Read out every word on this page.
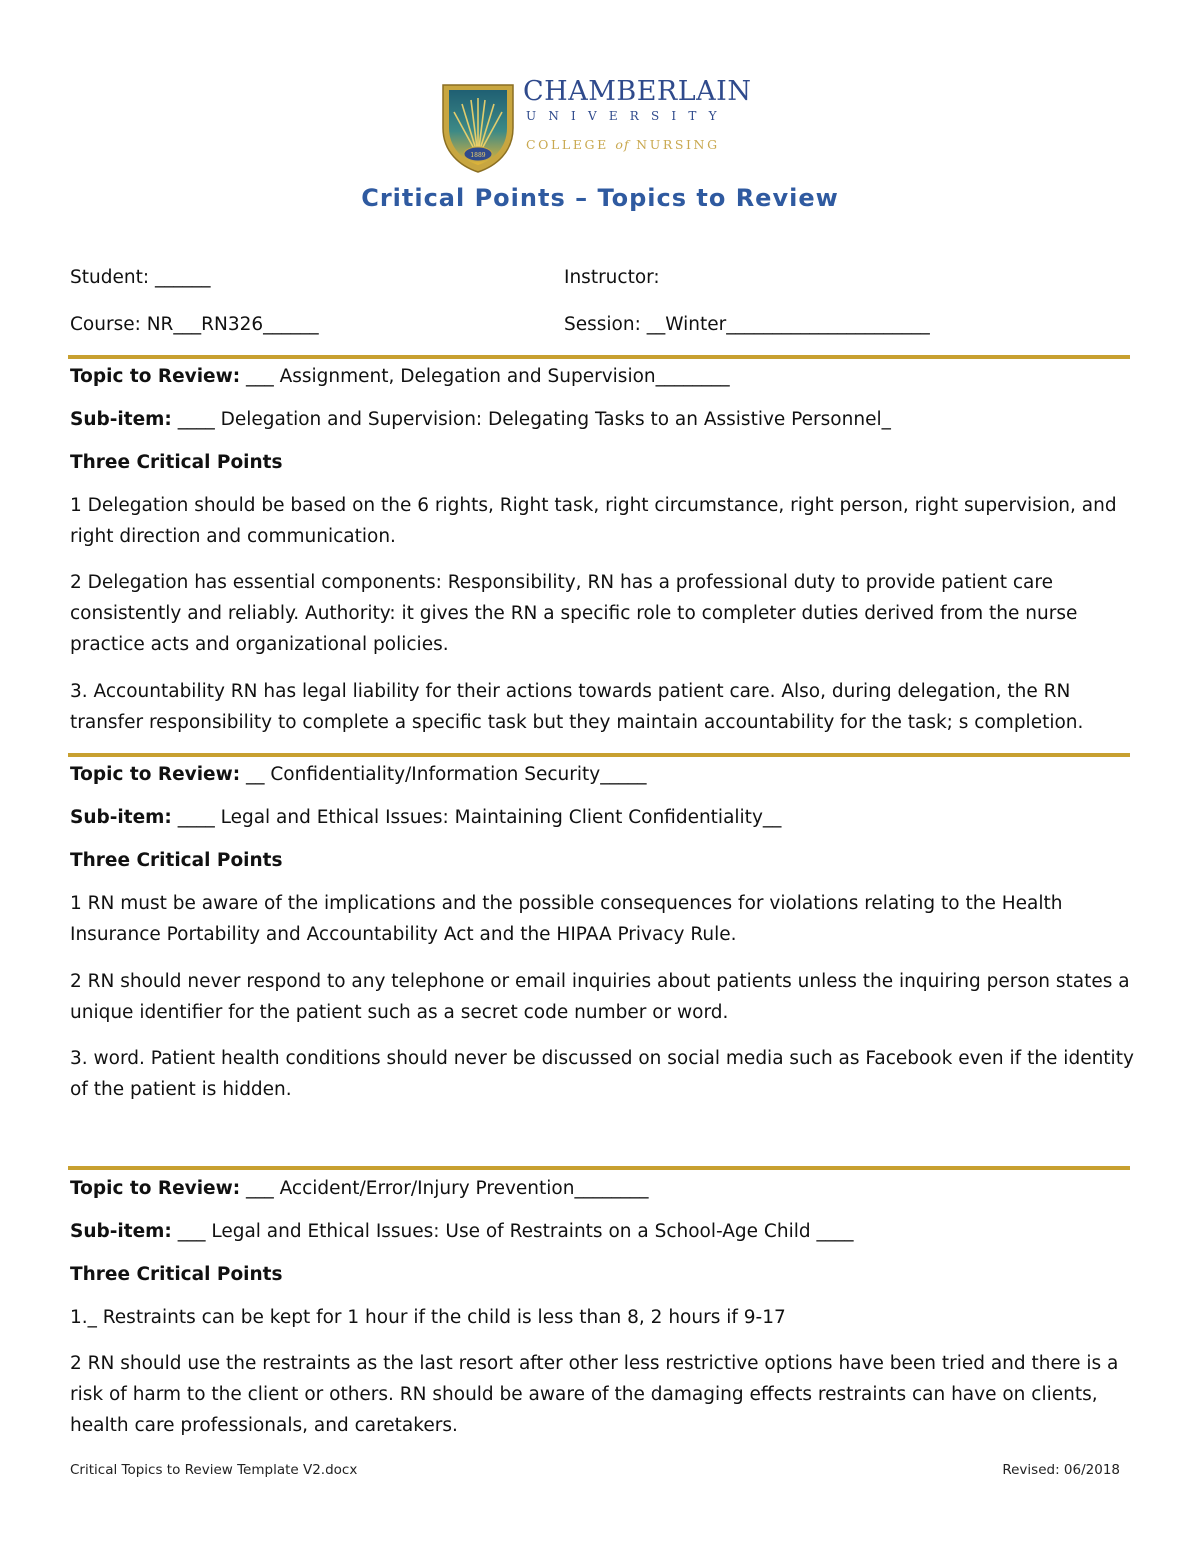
1889
CHAMBERLAIN
UNIVERSITY
COLLEGE of NURSING
Critical Points – Topics to Review
Student: ______	Instructor:
Course: NR___RN326______	Session: __Winter______________________
Topic to Review: ___ Assignment, Delegation and Supervision________
Sub-item: ____ Delegation and Supervision: Delegating Tasks to an Assistive Personnel_
Three Critical Points
1 Delegation should be based on the 6 rights, Right task, right circumstance, right person, right supervision, and right direction and communication.
2 Delegation has essential components: Responsibility, RN has a professional duty to provide patient care consistently and reliably. Authority: it gives the RN a specific role to completer duties derived from the nurse practice acts and organizational policies.
3. Accountability RN has legal liability for their actions towards patient care. Also, during delegation, the RN transfer responsibility to complete a specific task but they maintain accountability for the task; s completion.
Topic to Review: __ Confidentiality/Information Security_____
Sub-item: ____ Legal and Ethical Issues: Maintaining Client Confidentiality__
Three Critical Points
1 RN must be aware of the implications and the possible consequences for violations relating to the Health Insurance Portability and Accountability Act and the HIPAA Privacy Rule.
2 RN should never respond to any telephone or email inquiries about patients unless the inquiring person states a unique identifier for the patient such as a secret code number or word.
3. word. Patient health conditions should never be discussed on social media such as Facebook even if the identity of the patient is hidden.
Topic to Review: ___ Accident/Error/Injury Prevention________
Sub-item: ___ Legal and Ethical Issues: Use of Restraints on a School-Age Child ____
Three Critical Points
1._ Restraints can be kept for 1 hour if the child is less than 8, 2 hours if 9-17
2 RN should use the restraints as the last resort after other less restrictive options have been tried and there is a risk of harm to the client or others. RN should be aware of the damaging effects restraints can have on clients, health care professionals, and caretakers.
Critical Topics to Review Template V2.docx	Revised: 06/2018
